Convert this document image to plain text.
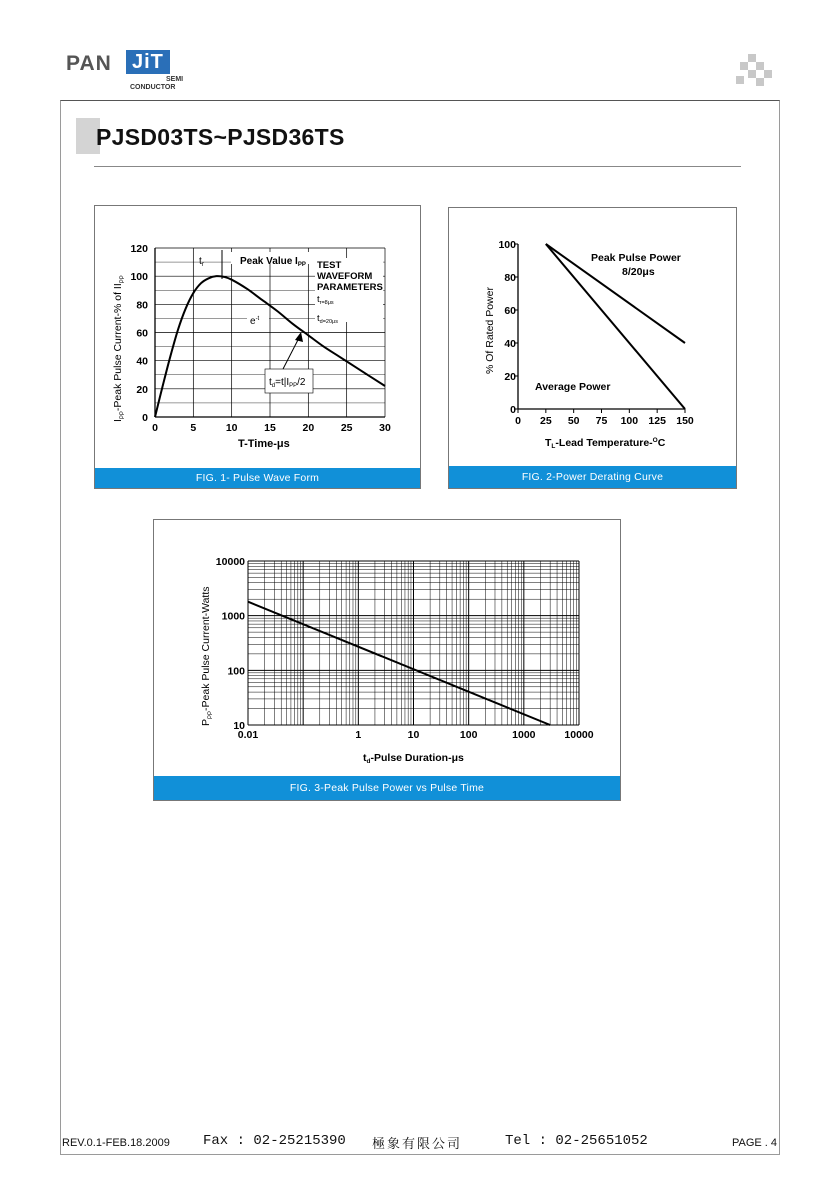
PAN	JiT
SEMI
CONDUCTOR
PJSD03TS~PJSD36TS
0	5	10	15	20	25	30
0
20
40
60
80
100
120
T-Time-μs
$I_{PP}$-Peak Pulse Current-% of $II_{PP}$
$t_r$	Peak Value $I_{PP}$ TEST
WAVEFORM
PARAMETERS
$t_{r=8\mu s}$
$t_{d=20\mu s}$
$e^{-t}$
$t_d=t|I_{PP}/2$
FIG. 1- Pulse Wave Form
0 25 50 75 100 125 150
0
20
40
60
80
100
Peak Pulse Power
8/20μs
Average Power
TL-Lead Temperature-$^O$C
% Of Rated Power
FIG. 2-Power Derating Curve
0.01	1	10	100	1000	10000
10
100
1000
10000
td-Pulse Duration-μs
$P_{PP}$-Peak Pulse Current-Watts
FIG. 3-Peak Pulse Power vs Pulse Time
REV.0.1-FEB.18.2009 Fax : 02-25215390 極象有限公司	Tel : 02-25651052	PAGE . 4
